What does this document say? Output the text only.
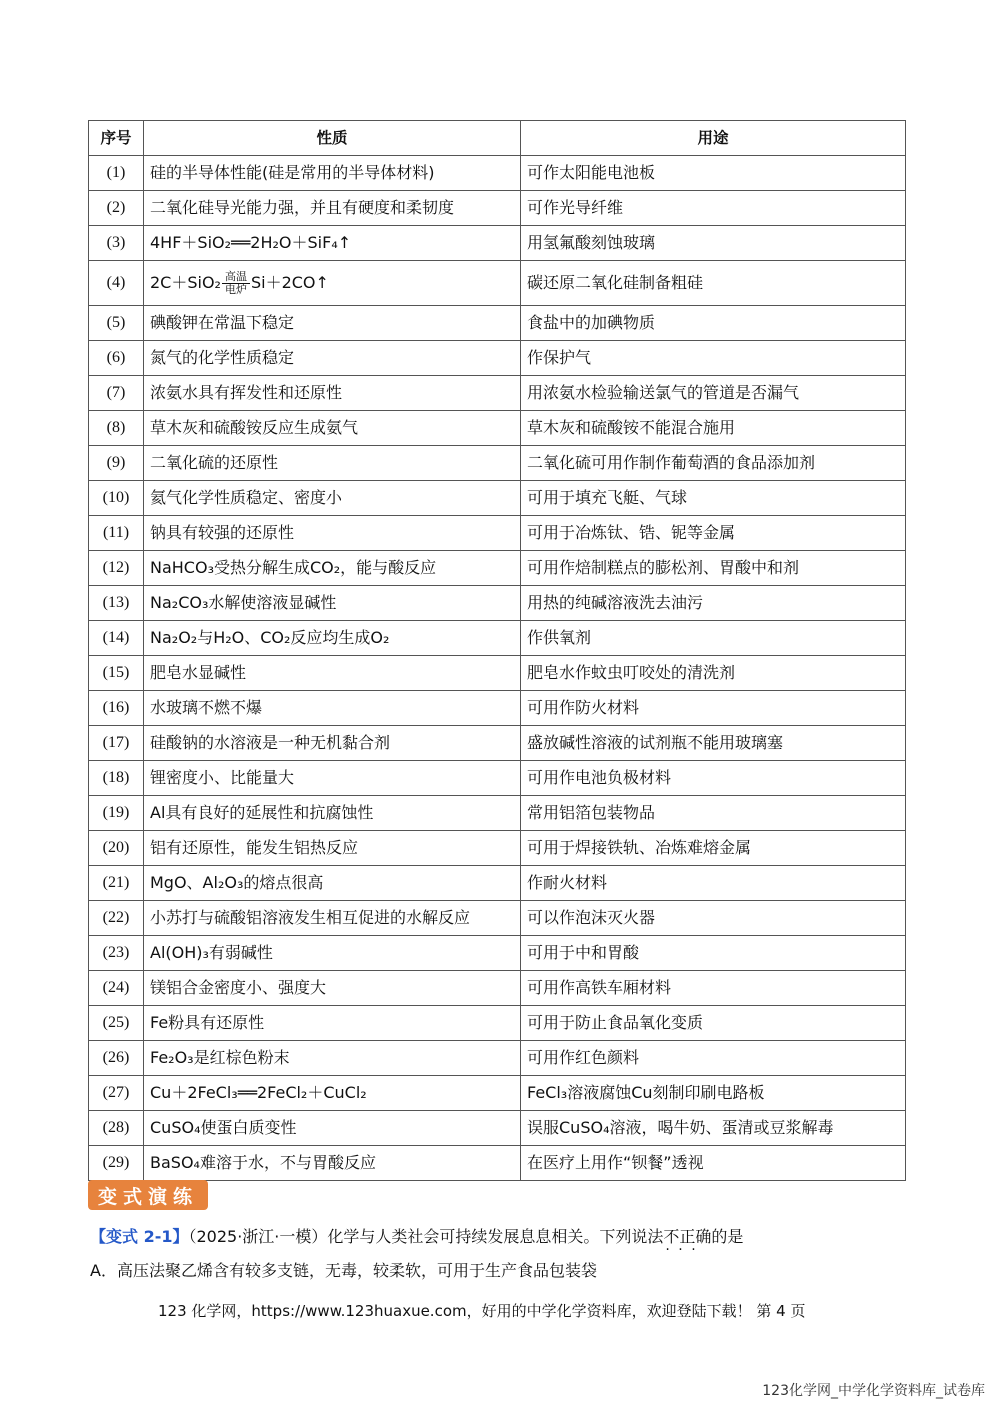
序号	性质	用途
(1)	硅的半导体性能(硅是常用的半导体材料)	可作太阳能电池板
(2)	二氧化硅导光能力强，并且有硬度和柔韧度	可作光导纤维
(3)	4HF＋SiO₂══2H₂O＋SiF₄↑	用氢氟酸刻蚀玻璃
(4)	$2C+SiO_2 \frac{\text{高温}}{\text{电炉}}$ Si＋2CO↑	碳还原二氧化硅制备粗硅
(5)	碘酸钾在常温下稳定	食盐中的加碘物质
(6)	氮气的化学性质稳定	作保护气
(7)	浓氨水具有挥发性和还原性	用浓氨水检验输送氯气的管道是否漏气
(8)	草木灰和硫酸铵反应生成氨气	草木灰和硫酸铵不能混合施用
(9)	二氧化硫的还原性	二氧化硫可用作制作葡萄酒的食品添加剂
(10)	氦气化学性质稳定、密度小	可用于填充飞艇、气球
(11)	钠具有较强的还原性	可用于冶炼钛、锆、铌等金属
(12)	NaHCO₃受热分解生成CO₂，能与酸反应	可用作焙制糕点的膨松剂、胃酸中和剂
(13)	Na₂CO₃水解使溶液显碱性	用热的纯碱溶液洗去油污
(14)	Na₂O₂与H₂O、CO₂反应均生成O₂	作供氧剂
(15)	肥皂水显碱性	肥皂水作蚊虫叮咬处的清洗剂
(16)	水玻璃不燃不爆	可用作防火材料
(17)	硅酸钠的水溶液是一种无机黏合剂	盛放碱性溶液的试剂瓶不能用玻璃塞
(18)	锂密度小、比能量大	可用作电池负极材料
(19)	Al具有良好的延展性和抗腐蚀性	常用铝箔包装物品
(20)	铝有还原性，能发生铝热反应	可用于焊接铁轨、冶炼难熔金属
(21)	MgO、Al₂O₃的熔点很高	作耐火材料
(22)	小苏打与硫酸铝溶液发生相互促进的水解反应	可以作泡沫灭火器
(23)	Al(OH)₃有弱碱性	可用于中和胃酸
(24)	镁铝合金密度小、强度大	可用作高铁车厢材料
(25)	Fe粉具有还原性	可用于防止食品氧化变质
(26)	Fe₂O₃是红棕色粉末	可用作红色颜料
(27)	Cu＋2FeCl₃══2FeCl₂＋CuCl₂	FeCl₃溶液腐蚀Cu刻制印刷电路板
(28)	CuSO₄使蛋白质变性	误服CuSO₄溶液，喝牛奶、蛋清或豆浆解毒
(29)	BaSO₄难溶于水，不与胃酸反应	在医疗上用作“钡餐”透视
变式演练
【变式 2-1】（2025·浙江·一模）化学与人类社会可持续发展息息相关。下列说法不正确 · · ·的是
A．高压法聚乙烯含有较多支链，无毒，较柔软，可用于生产食品包装袋
123 化学网，https://www.123huaxue.com，好用的中学化学资料库，欢迎登陆下载！ 第 4 页
123化学网_中学化学资料库_试卷库
